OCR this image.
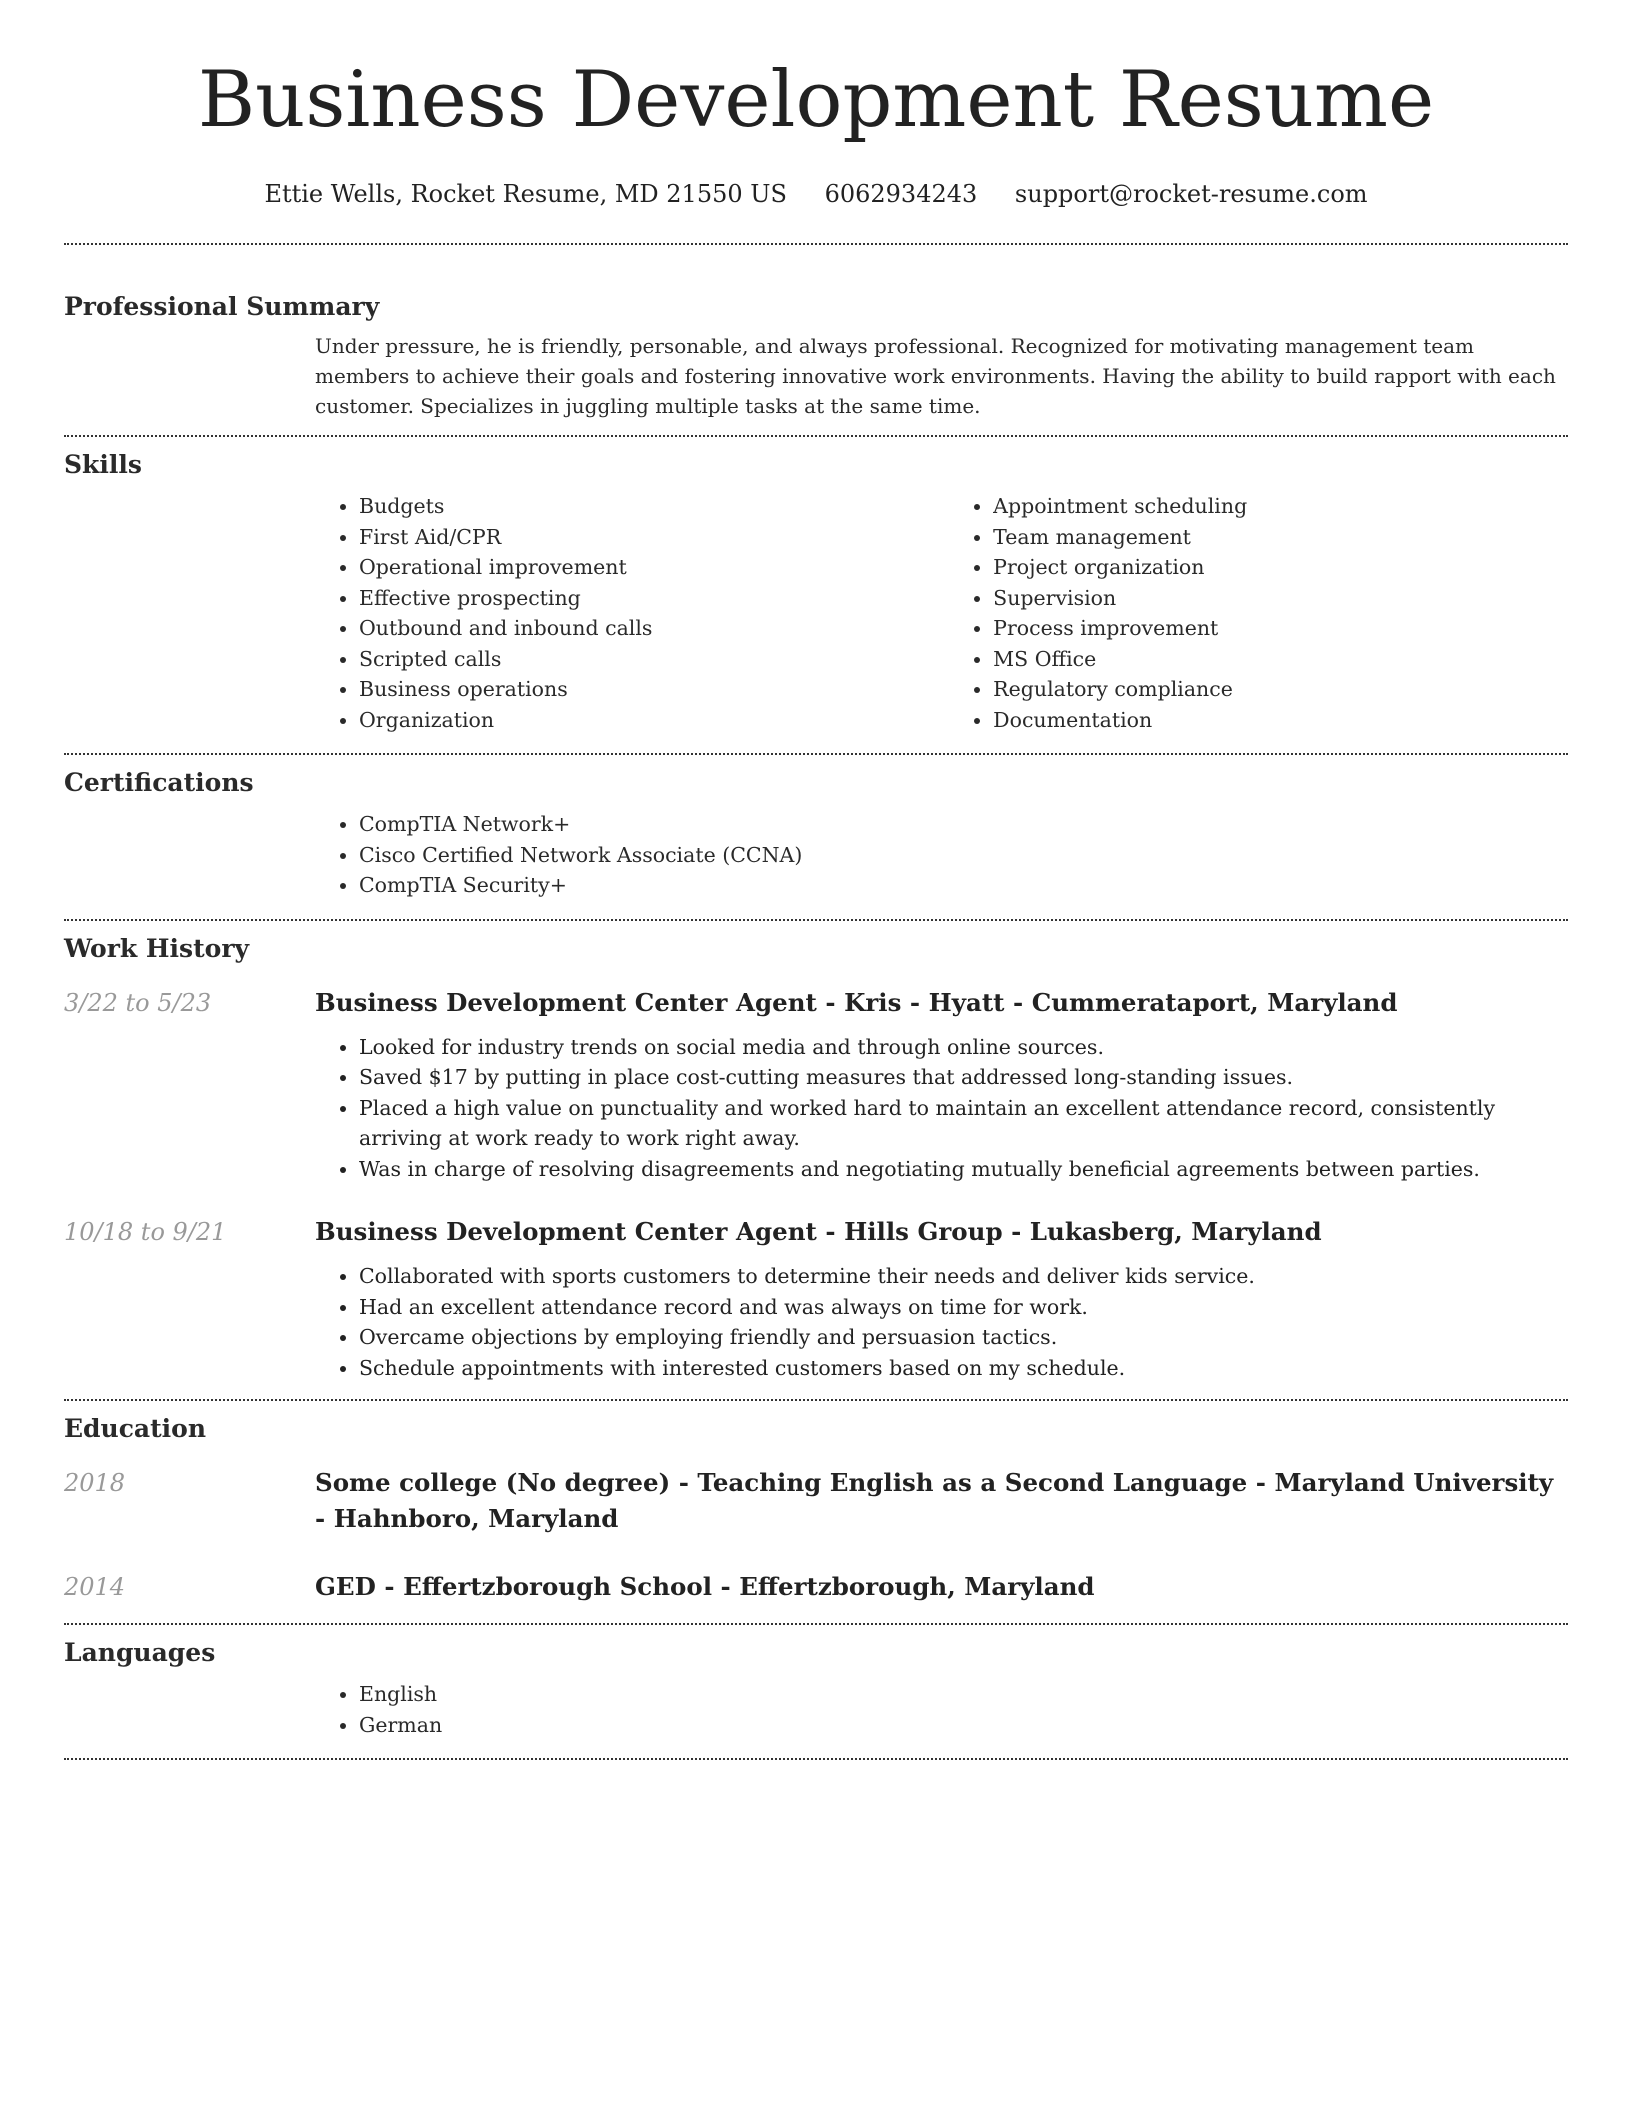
Business Development Resume
Ettie Wells, Rocket Resume, MD 21550 US 6062934243 support@rocket-resume.com
Professional Summary

Under pressure, he is friendly, personable, and always professional. Recognized for motivating management team members to achieve their goals and fostering innovative work environments. Having the ability to build rapport with each customer. Specializes in juggling multiple tasks at the same time.

Skills
• Budgets
• First Aid/CPR
• Operational improvement
• Effective prospecting
• Outbound and inbound calls
• Scripted calls
• Business operations
• Organization
• Appointment scheduling
• Team management
• Project organization
• Supervision
• Process improvement
• MS Office
• Regulatory compliance
• Documentation
Certifications
• CompTIA Network+
• Cisco Certified Network Associate (CCNA)
• CompTIA Security+
Work History
3/22 to 5/23	Business Development Center Agent - Kris - Hyatt - Cummerataport, Maryland
• Looked for industry trends on social media and through online sources.
• Saved $17 by putting in place cost-cutting measures that addressed long-standing issues.
• Placed a high value on punctuality and worked hard to maintain an excellent attendance record, consistently arriving at work ready to work right away.
• Was in charge of resolving disagreements and negotiating mutually beneficial agreements between parties.
10/18 to 9/21	Business Development Center Agent - Hills Group - Lukasberg, Maryland
• Collaborated with sports customers to determine their needs and deliver kids service.
• Had an excellent attendance record and was always on time for work.
• Overcame objections by employing friendly and persuasion tactics.
• Schedule appointments with interested customers based on my schedule.
Education
2018	Some college (No degree) - Teaching English as a Second Language - Maryland University - Hahnboro, Maryland
2014	GED - Effertzborough School - Effertzborough, Maryland
Languages
• English
• German
